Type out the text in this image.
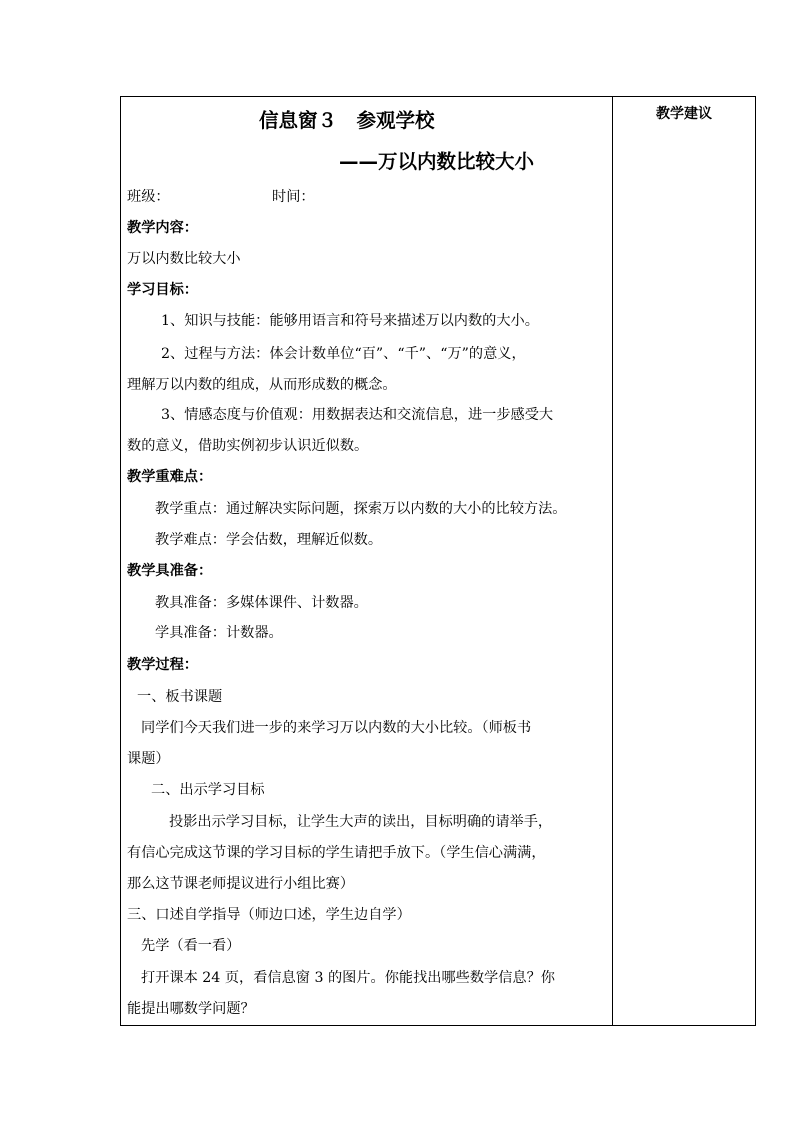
教学建议
信息窗３　参观学校
——万以内数比较大小
班级：	时间：
教学内容：
万以内数比较大小
学习目标：
1、知识与技能：能够用语言和符号来描述万以内数的大小。
2、过程与方法：体会计数单位“百”、“千”、“万”的意义，
理解万以内数的组成，从而形成数的概念。
3、情感态度与价值观：用数据表达和交流信息，进一步感受大
数的意义，借助实例初步认识近似数。
教学重难点：
教学重点：通过解决实际问题，探索万以内数的大小的比较方法。
教学难点：学会估数，理解近似数。
教学具准备：
教具准备：多媒体课件、计数器。
学具准备：计数器。
教学过程：
一、板书课题
同学们今天我们进一步的来学习万以内数的大小比较。（师板书
课题）
二、出示学习目标
投影出示学习目标，让学生大声的读出，目标明确的请举手，
有信心完成这节课的学习目标的学生请把手放下。（学生信心满满，
那么这节课老师提议进行小组比赛）
三、口述自学指导（师边口述，学生边自学）
先学（看一看）
打开课本 24 页，看信息窗 3 的图片。你能找出哪些数学信息？你
能提出哪数学问题？
